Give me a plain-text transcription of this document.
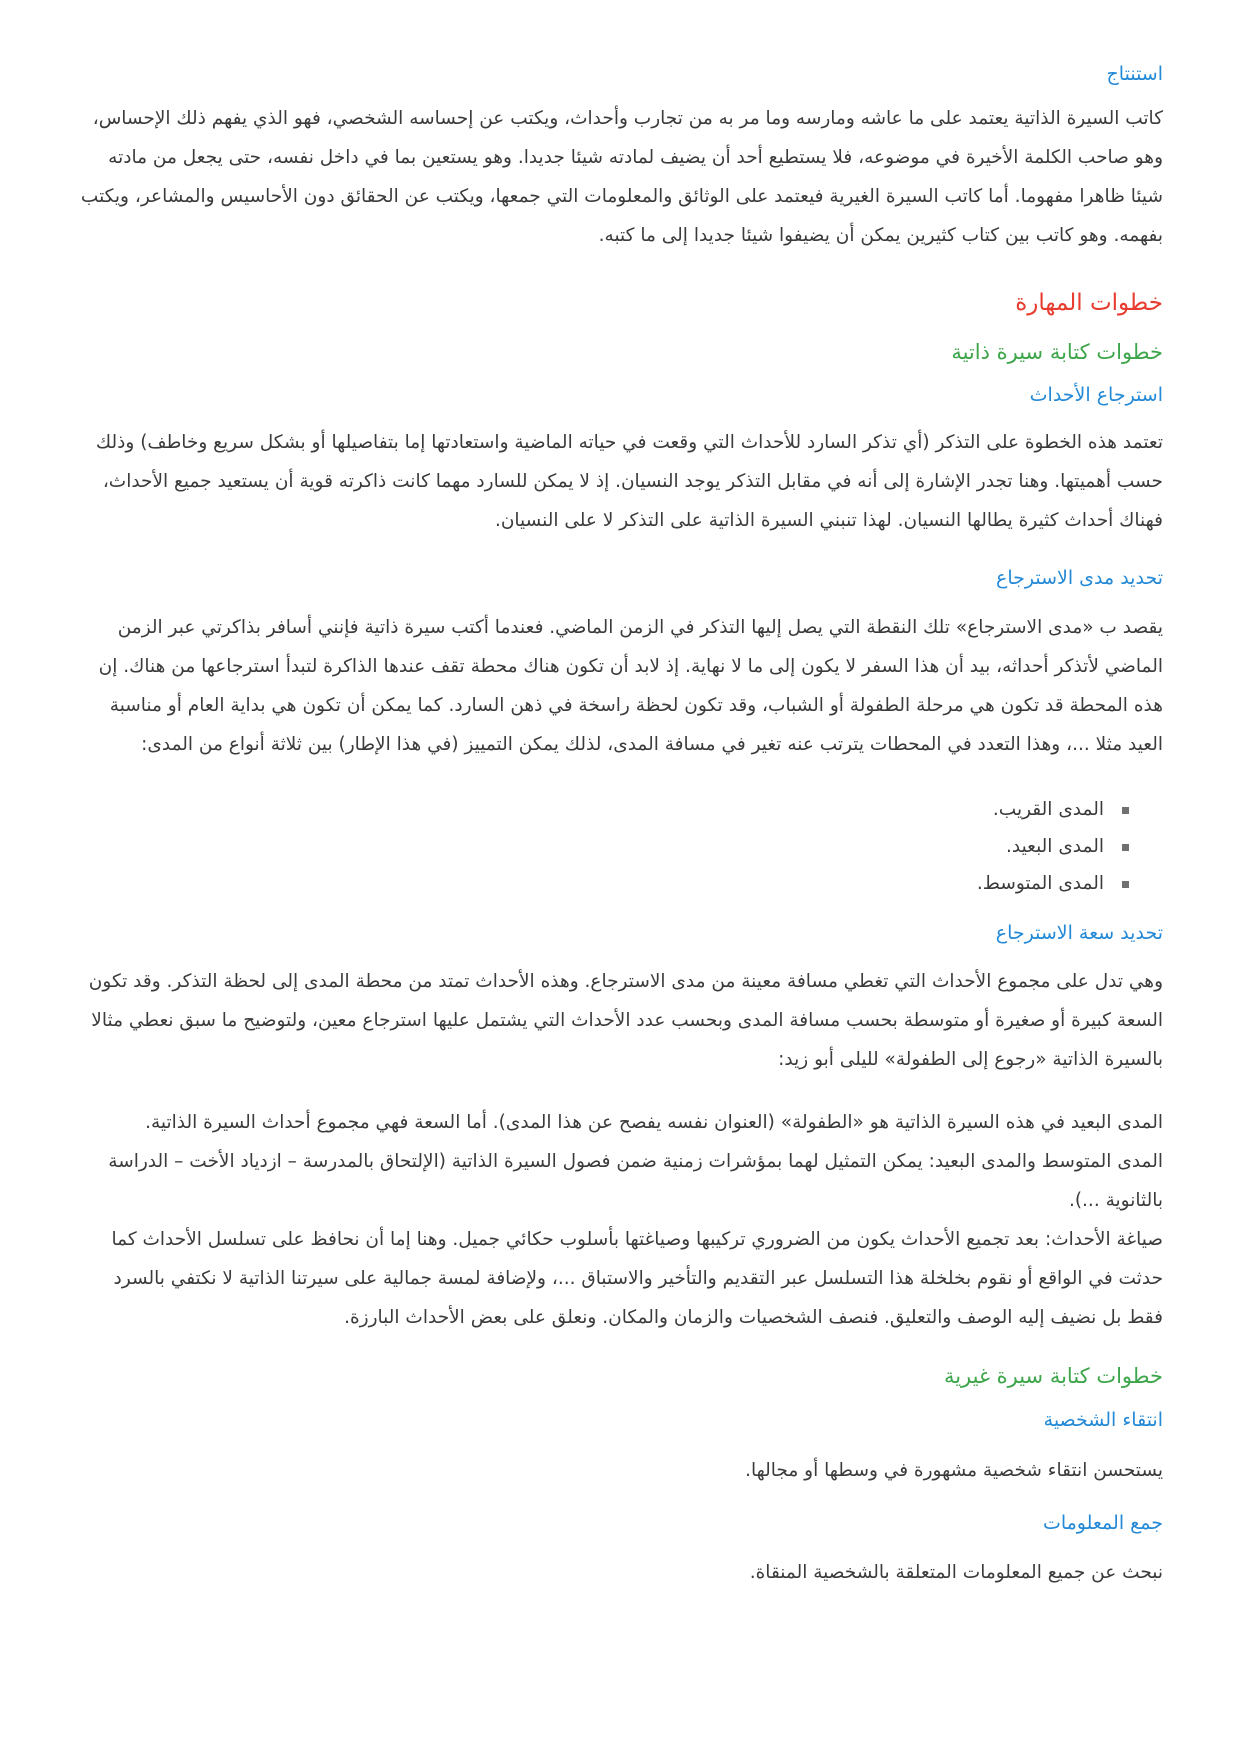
استنتاج

كاتب السيرة الذاتية يعتمد على ما عاشه ومارسه وما مر به من تجارب وأحداث، ويكتب عن إحساسه الشخصي، فهو الذي يفهم ذلك الإحساس، وهو صاحب الكلمة الأخيرة في موضوعه، فلا يستطيع أحد أن يضيف لمادته شيئا جديدا. وهو يستعين بما في داخل نفسه، حتى يجعل من مادته شيئا ظاهرا مفهوما. أما كاتب السيرة الغيرية فيعتمد على الوثائق والمعلومات التي جمعها، ويكتب عن الحقائق دون الأحاسيس والمشاعر، ويكتب بفهمه. وهو كاتب بين كتاب كثيرين يمكن أن يضيفوا شيئا جديدا إلى ما كتبه.

خطوات المهارة
خطوات كتابة سيرة ذاتية
استرجاع الأحداث

تعتمد هذه الخطوة على التذكر (أي تذكر السارد للأحداث التي وقعت في حياته الماضية واستعادتها إما بتفاصيلها أو بشكل سريع وخاطف) وذلك حسب أهميتها. وهنا تجدر الإشارة إلى أنه في مقابل التذكر يوجد النسيان. إذ لا يمكن للسارد مهما كانت ذاكرته قوية أن يستعيد جميع الأحداث، فهناك أحداث كثيرة يطالها النسيان. لهذا تنبني السيرة الذاتية على التذكر لا على النسيان.

تحديد مدى الاسترجاع

يقصد ب «مدى الاسترجاع» تلك النقطة التي يصل إليها التذكر في الزمن الماضي. فعندما أكتب سيرة ذاتية فإنني أسافر بذاكرتي عبر الزمن الماضي لأتذكر أحداثه، بيد أن هذا السفر لا يكون إلى ما لا نهاية. إذ لابد أن تكون هناك محطة تقف عندها الذاكرة لتبدأ استرجاعها من هناك. إن هذه المحطة قد تكون هي مرحلة الطفولة أو الشباب، وقد تكون لحظة راسخة في ذهن السارد. كما يمكن أن تكون هي بداية العام أو مناسبة العيد مثلا ...، وهذا التعدد في المحطات يترتب عنه تغير في مسافة المدى، لذلك يمكن التمييز (في هذا الإطار) بين ثلاثة أنواع من المدى:

المدى القريب.
المدى البعيد.
المدى المتوسط.
تحديد سعة الاسترجاع

وهي تدل على مجموع الأحداث التي تغطي مسافة معينة من مدى الاسترجاع. وهذه الأحداث تمتد من محطة المدى إلى لحظة التذكر. وقد تكون السعة كبيرة أو صغيرة أو متوسطة بحسب مسافة المدى وبحسب عدد الأحداث التي يشتمل عليها استرجاع معين، ولتوضيح ما سبق نعطي مثالا بالسيرة الذاتية «رجوع إلى الطفولة» لليلى أبو زيد:

المدى البعيد في هذه السيرة الذاتية هو «الطفولة» (العنوان نفسه يفصح عن هذا المدى). أما السعة فهي مجموع أحداث السيرة الذاتية.

المدى المتوسط والمدى البعيد: يمكن التمثيل لهما بمؤشرات زمنية ضمن فصول السيرة الذاتية (الإلتحاق بالمدرسة – ازدياد الأخت – الدراسة بالثانوية ...).

صياغة الأحداث: بعد تجميع الأحداث يكون من الضروري تركيبها وصياغتها بأسلوب حكائي جميل. وهنا إما أن نحافظ على تسلسل الأحداث كما حدثت في الواقع أو نقوم بخلخلة هذا التسلسل عبر التقديم والتأخير والاستباق ...، ولإضافة لمسة جمالية على سيرتنا الذاتية لا نكتفي بالسرد فقط بل نضيف إليه الوصف والتعليق. فنصف الشخصيات والزمان والمكان. ونعلق على بعض الأحداث البارزة.

خطوات كتابة سيرة غيرية
انتقاء الشخصية

يستحسن انتقاء شخصية مشهورة في وسطها أو مجالها.

جمع المعلومات

نبحث عن جميع المعلومات المتعلقة بالشخصية المنقاة.
